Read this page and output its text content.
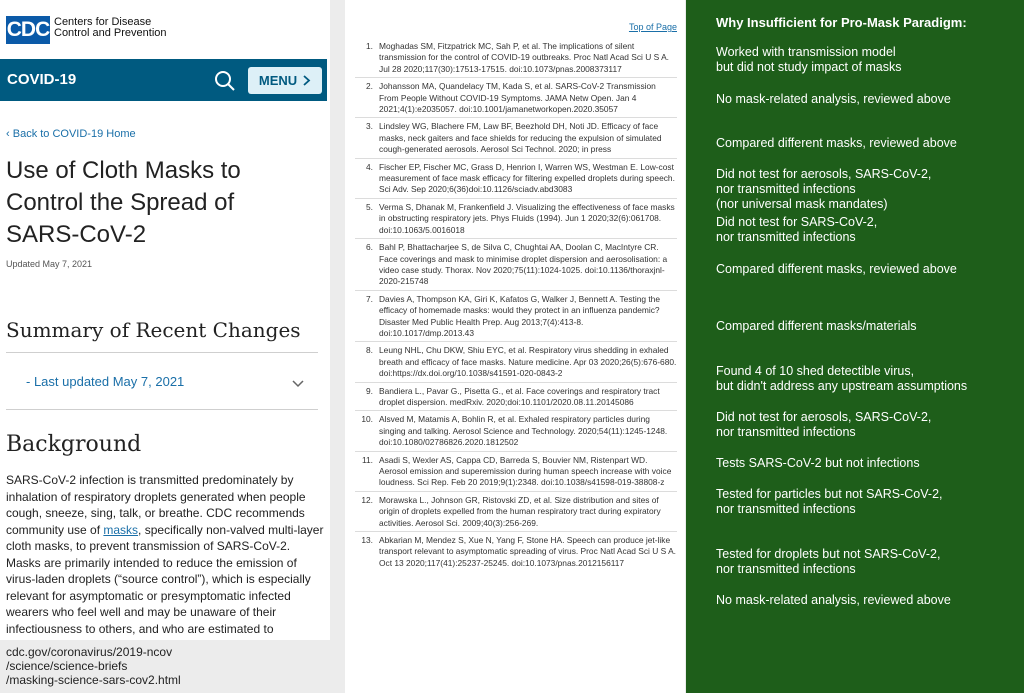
CDC Centers for Disease
Control and Prevention
COVID-19	MENU
‹ Back to COVID-19 Home
Use of Cloth Masks to Control the Spread of SARS-CoV-2
Updated May 7, 2021
Summary of Recent Changes
- Last updated May 7, 2021
Background

SARS-CoV-2 infection is transmitted predominately by inhalation of respiratory droplets generated when people cough, sneeze, sing, talk, or breathe. CDC recommends community use of masks, specifically non-valved multi-layer cloth masks, to prevent transmission of SARS-CoV-2. Masks are primarily intended to reduce the emission of virus-laden droplets (“source control”), which is especially relevant for asymptomatic or presymptomatic infected wearers who feel well and may be unaware of their infectiousness to others, and who are estimated to

cdc.gov/coronavirus/2019-ncov
/science/science-briefs
/masking-science-sars-cov2.html
Top of Page
1. Moghadas SM, Fitzpatrick MC, Sah P, et al. The implications of silent transmission for the control of COVID-19 outbreaks. Proc Natl Acad Sci U S A. Jul 28 2020;117(30):17513-17515. doi:10.1073/pnas.2008373117
2. Johansson MA, Quandelacy TM, Kada S, et al. SARS-CoV-2 Transmission From People Without COVID-19 Symptoms. JAMA Netw Open. Jan 4 2021;4(1):e2035057. doi:10.1001/jamanetworkopen.2020.35057
3. Lindsley WG, Blachere FM, Law BF, Beezhold DH, Noti JD. Efficacy of face masks, neck gaiters and face shields for reducing the expulsion of simulated cough-generated aerosols. Aerosol Sci Technol. 2020; in press
4. Fischer EP, Fischer MC, Grass D, Henrion I, Warren WS, Westman E. Low-cost measurement of face mask efficacy for filtering expelled droplets during speech. Sci Adv. Sep 2020;6(36)doi:10.1126/sciadv.abd3083
5. Verma S, Dhanak M, Frankenfield J. Visualizing the effectiveness of face masks in obstructing respiratory jets. Phys Fluids (1994). Jun 1 2020;32(6):061708. doi:10.1063/5.0016018
6. Bahl P, Bhattacharjee S, de Silva C, Chughtai AA, Doolan C, MacIntyre CR. Face coverings and mask to minimise droplet dispersion and aerosolisation: a video case study. Thorax. Nov 2020;75(11):1024-1025. doi:10.1136/thoraxjnl-2020-215748
7. Davies A, Thompson KA, Giri K, Kafatos G, Walker J, Bennett A. Testing the efficacy of homemade masks: would they protect in an influenza pandemic? Disaster Med Public Health Prep. Aug 2013;7(4):413-8. doi:10.1017/dmp.2013.43
8. Leung NHL, Chu DKW, Shiu EYC, et al. Respiratory virus shedding in exhaled breath and efficacy of face masks. Nature medicine. Apr 03 2020;26(5):676-680. doi:https://dx.doi.org/10.1038/s41591-020-0843-2
9. Bandiera L., Pavar G., Pisetta G., et al. Face coverings and respiratory tract droplet dispersion. medRxiv. 2020;doi:10.1101/2020.08.11.20145086
10. Alsved M, Matamis A, Bohlin R, et al. Exhaled respiratory particles during singing and talking. Aerosol Science and Technology. 2020;54(11):1245-1248. doi:10.1080/02786826.2020.1812502
11. Asadi S, Wexler AS, Cappa CD, Barreda S, Bouvier NM, Ristenpart WD. Aerosol emission and superemission during human speech increase with voice loudness. Sci Rep. Feb 20 2019;9(1):2348. doi:10.1038/s41598-019-38808-z
12. Morawska L., Johnson GR, Ristovski ZD, et al. Size distribution and sites of origin of droplets expelled from the human respiratory tract during expiratory activities. Aerosol Sci. 2009;40(3):256-269.
13. Abkarian M, Mendez S, Xue N, Yang F, Stone HA. Speech can produce jet-like transport relevant to asymptomatic spreading of virus. Proc Natl Acad Sci U S A. Oct 13 2020;117(41):25237-25245. doi:10.1073/pnas.2012156117
Why Insufficient for Pro-Mask Paradigm:
Worked with transmission model
but did not study impact of masks
No mask-related analysis, reviewed above
Compared different masks, reviewed above
Did not test for aerosols, SARS-CoV-2,
nor transmitted infections
(nor universal mask mandates)
Did not test for SARS-CoV-2,
nor transmitted infections
Compared different masks, reviewed above
Compared different masks/materials
Found 4 of 10 shed detectible virus,
but didn't address any upstream assumptions
Did not test for aerosols, SARS-CoV-2,
nor transmitted infections
Tests SARS-CoV-2 but not infections
Tested for particles but not SARS-CoV-2,
nor transmitted infections
Tested for droplets but not SARS-CoV-2,
nor transmitted infections
No mask-related analysis, reviewed above
